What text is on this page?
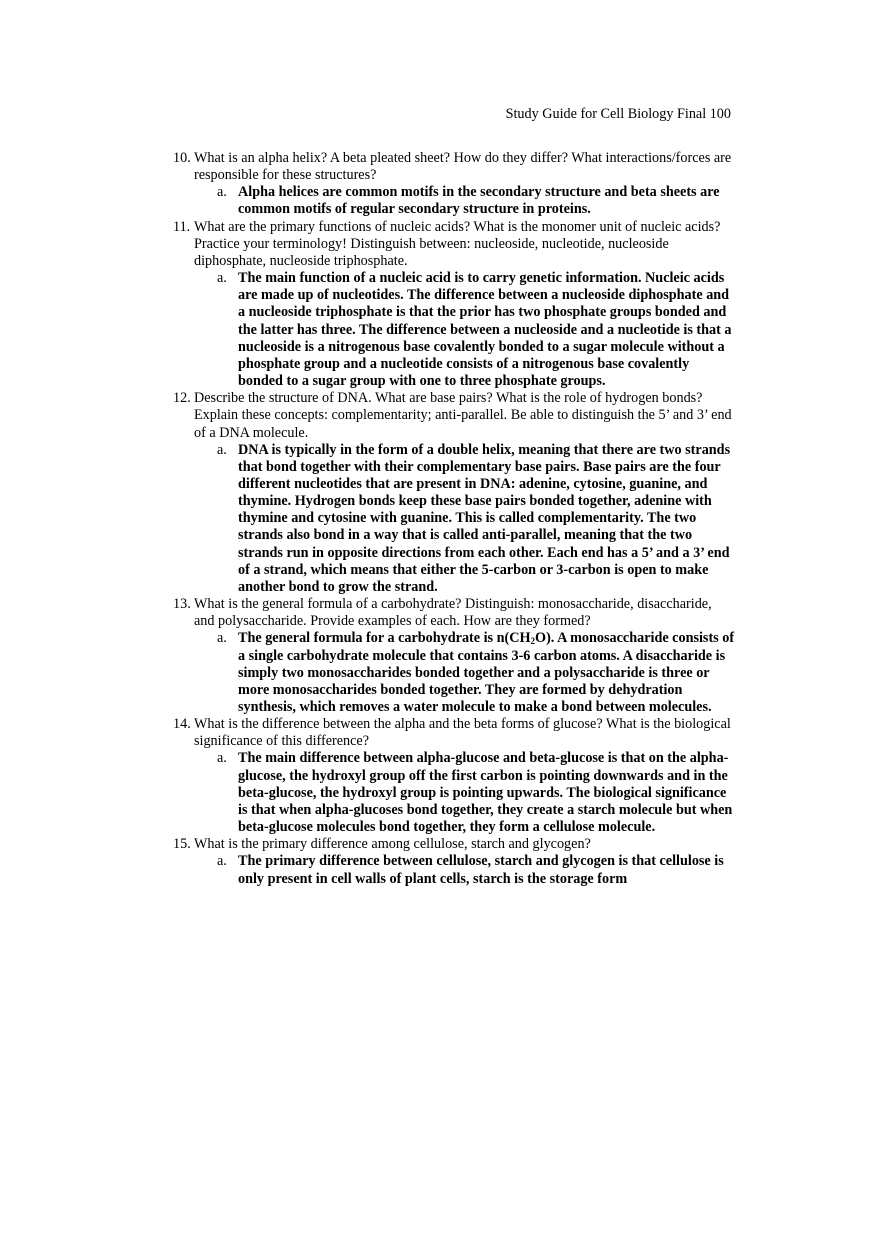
Study Guide for Cell Biology Final 100
10. What is an alpha helix? A beta pleated sheet? How do they differ? What interactions/forces are responsible for these structures?
a. Alpha helices are common motifs in the secondary structure and beta sheets are common motifs of regular secondary structure in proteins.
11. What are the primary functions of nucleic acids? What is the monomer unit of nucleic acids? Practice your terminology! Distinguish between: nucleoside, nucleotide, nucleoside diphosphate, nucleoside triphosphate.
a. The main function of a nucleic acid is to carry genetic information. Nucleic acids are made up of nucleotides. The difference between a nucleoside diphosphate and a nucleoside triphosphate is that the prior has two phosphate groups bonded and the latter has three. The difference between a nucleoside and a nucleotide is that a nucleoside is a nitrogenous base covalently bonded to a sugar molecule without a phosphate group and a nucleotide consists of a nitrogenous base covalently bonded to a sugar group with one to three phosphate groups.
12. Describe the structure of DNA. What are base pairs? What is the role of hydrogen bonds? Explain these concepts: complementarity; anti-parallel. Be able to distinguish the 5’ and 3’ end of a DNA molecule.
a. DNA is typically in the form of a double helix, meaning that there are two strands that bond together with their complementary base pairs. Base pairs are the four different nucleotides that are present in DNA: adenine, cytosine, guanine, and thymine. Hydrogen bonds keep these base pairs bonded together, adenine with thymine and cytosine with guanine. This is called complementarity. The two strands also bond in a way that is called anti-parallel, meaning that the two strands run in opposite directions from each other. Each end has a 5’ and a 3’ end of a strand, which means that either the 5-carbon or 3-carbon is open to make another bond to grow the strand.
13. What is the general formula of a carbohydrate? Distinguish: monosaccharide, disaccharide, and polysaccharide. Provide examples of each. How are they formed?
a. The general formula for a carbohydrate is $n(CH_2O)$. A monosaccharide consists of a single carbohydrate molecule that contains 3-6 carbon atoms. A disaccharide is simply two monosaccharides bonded together and a polysaccharide is three or more monosaccharides bonded together. They are formed by dehydration synthesis, which removes a water molecule to make a bond between molecules.
14. What is the difference between the alpha and the beta forms of glucose? What is the biological significance of this difference?
a. The main difference between alpha-glucose and beta-glucose is that on the alpha-glucose, the hydroxyl group off the first carbon is pointing downwards and in the beta-glucose, the hydroxyl group is pointing upwards. The biological significance is that when alpha-glucoses bond together, they create a starch molecule but when beta-glucose molecules bond together, they form a cellulose molecule.
15. What is the primary difference among cellulose, starch and glycogen?
a. The primary difference between cellulose, starch and glycogen is that cellulose is only present in cell walls of plant cells, starch is the storage form
